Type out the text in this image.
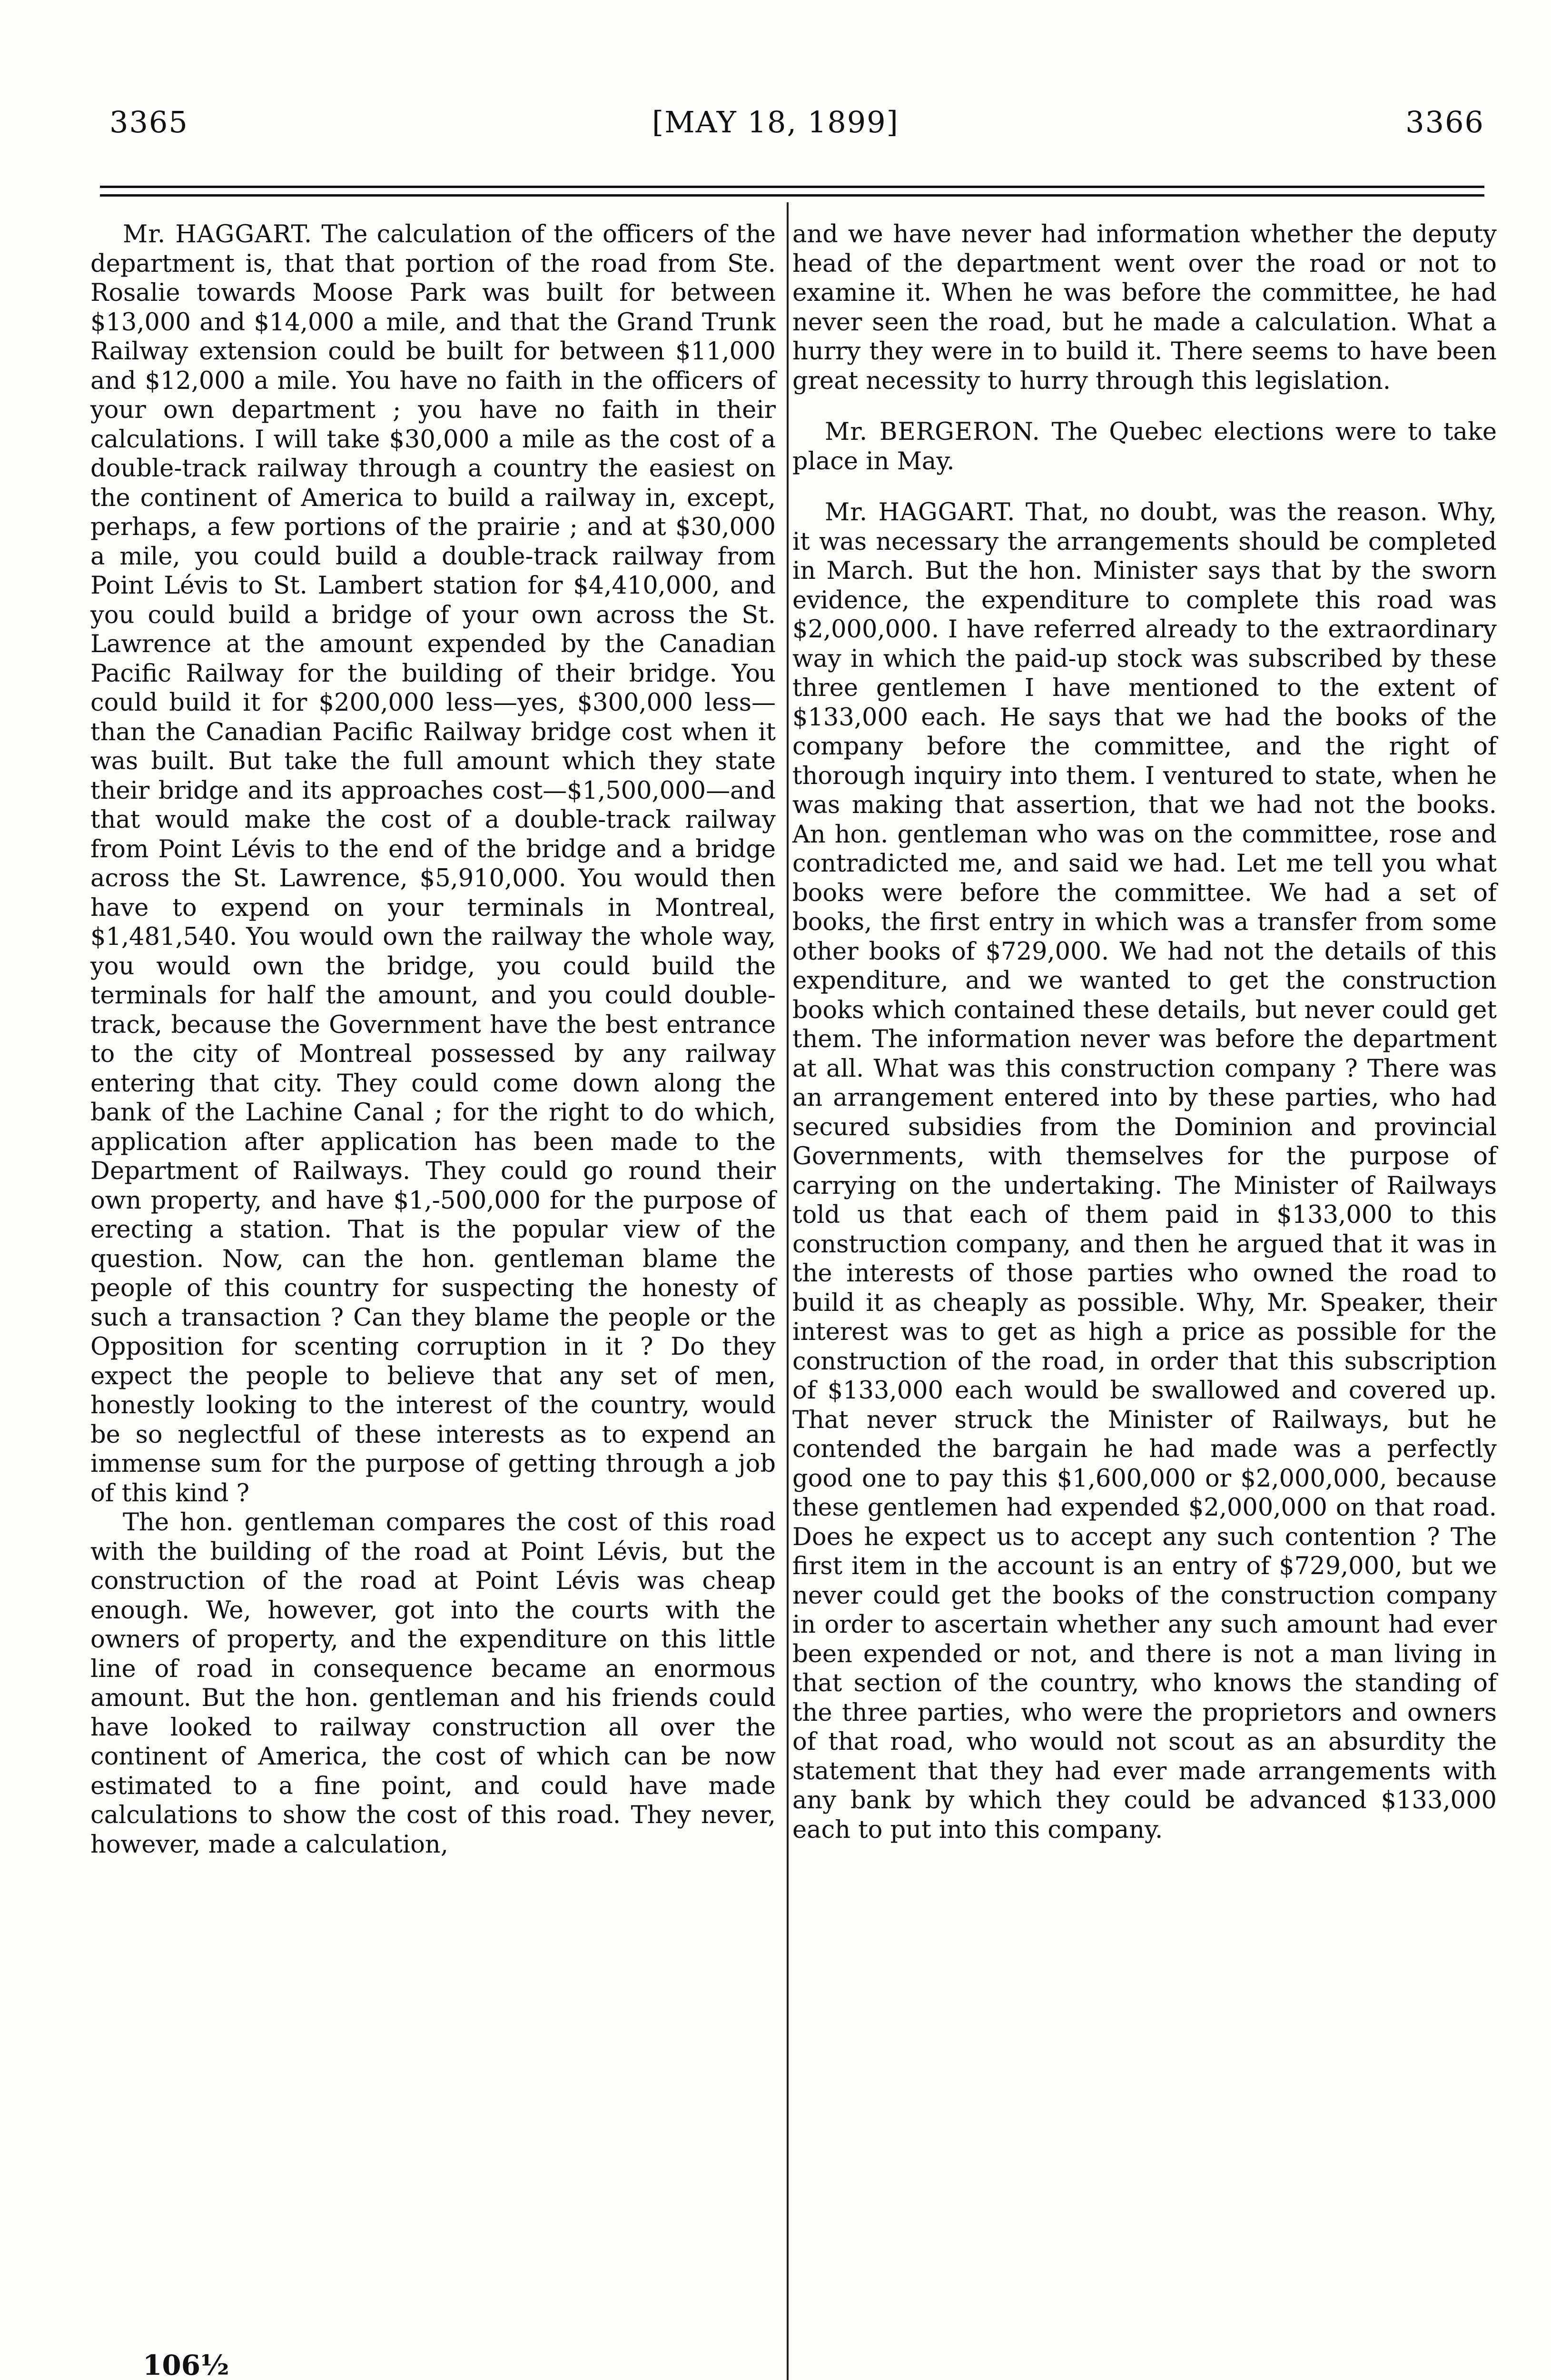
3365	[MAY 18, 1899]	3366

Mr. HAGGART. The calculation of the officers of the department is, that that portion of the road from Ste. Rosalie towards Moose Park was built for between $13,000 and $14,000 a mile, and that the Grand Trunk Railway extension could be built for between $11,000 and $12,000 a mile. You have no faith in the officers of your own department ; you have no faith in their calculations. I will take $30,000 a mile as the cost of a double-track railway through a country the easiest on the continent of America to build a railway in, except, perhaps, a few portions of the prairie ; and at $30,000 a mile, you could build a double-track railway from Point Lévis to St. Lambert station for $4,410,000, and you could build a bridge of your own across the St. Lawrence at the amount expended by the Canadian Pacific Railway for the building of their bridge. You could build it for $200,000 less—yes, $300,000 less—than the Canadian Pacific Railway bridge cost when it was built. But take the full amount which they state their bridge and its approaches cost—$1,500,000—and that would make the cost of a double-track railway from Point Lévis to the end of the bridge and a bridge across the St. Lawrence, $5,910,000. You would then have to expend on your terminals in Montreal, $1,481,540. You would own the railway the whole way, you would own the bridge, you could build the terminals for half the amount, and you could double-track, because the Government have the best entrance to the city of Montreal possessed by any railway entering that city. They could come down along the bank of the Lachine Canal ; for the right to do which, application after application has been made to the Department of Railways. They could go round their own property, and have $1,-500,000 for the purpose of erecting a station. That is the popular view of the question. Now, can the hon. gentleman blame the people of this country for suspecting the honesty of such a transaction ? Can they blame the people or the Opposition for scenting corruption in it ? Do they expect the people to believe that any set of men, honestly looking to the interest of the country, would be so neglectful of these interests as to expend an immense sum for the purpose of getting through a job of this kind ?

The hon. gentleman compares the cost of this road with the building of the road at Point Lévis, but the construction of the road at Point Lévis was cheap enough. We, however, got into the courts with the owners of property, and the expenditure on this little line of road in consequence became an enormous amount. But the hon. gentleman and his friends could have looked to railway construction all over the continent of America, the cost of which can be now estimated to a fine point, and could have made calculations to show the cost of this road. They never, however, made a calculation,

106½

and we have never had information whether the deputy head of the department went over the road or not to examine it. When he was before the committee, he had never seen the road, but he made a calculation. What a hurry they were in to build it. There seems to have been great necessity to hurry through this legislation.

Mr. BERGERON. The Quebec elections were to take place in May.

Mr. HAGGART. That, no doubt, was the reason. Why, it was necessary the arrangements should be completed in March. But the hon. Minister says that by the sworn evidence, the expenditure to complete this road was $2,000,000. I have referred already to the extraordinary way in which the paid-up stock was subscribed by these three gentlemen I have mentioned to the extent of $133,000 each. He says that we had the books of the company before the committee, and the right of thorough inquiry into them. I ventured to state, when he was making that assertion, that we had not the books. An hon. gentleman who was on the committee, rose and contradicted me, and said we had. Let me tell you what books were before the committee. We had a set of books, the first entry in which was a transfer from some other books of $729,000. We had not the details of this expenditure, and we wanted to get the construction books which contained these details, but never could get them. The information never was before the department at all. What was this construction company ? There was an arrangement entered into by these parties, who had secured subsidies from the Dominion and provincial Governments, with themselves for the purpose of carrying on the undertaking. The Minister of Railways told us that each of them paid in $133,000 to this construction company, and then he argued that it was in the interests of those parties who owned the road to build it as cheaply as possible. Why, Mr. Speaker, their interest was to get as high a price as possible for the construction of the road, in order that this subscription of $133,000 each would be swallowed and covered up. That never struck the Minister of Railways, but he contended the bargain he had made was a perfectly good one to pay this $1,600,000 or $2,000,000, because these gentlemen had expended $2,000,000 on that road. Does he expect us to accept any such contention ? The first item in the account is an entry of $729,000, but we never could get the books of the construction company in order to ascertain whether any such amount had ever been expended or not, and there is not a man living in that section of the country, who knows the standing of the three parties, who were the proprietors and owners of that road, who would not scout as an absurdity the statement that they had ever made arrangements with any bank by which they could be advanced $133,000 each to put into this company.
